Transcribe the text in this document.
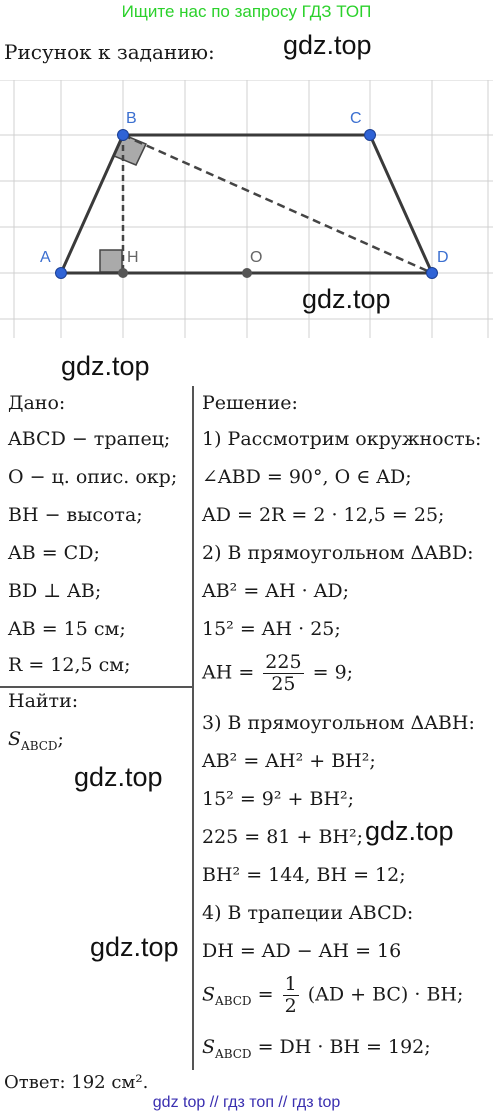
Ищите нас по запросу ГДЗ ТОП
Рисунок к заданию:	gdz.top
A
B	C
D
H	O
gdz.top
gdz.top
Дано:
ABCD − трапец;
O − ц. опис. окр;
BH − высота;
AB = CD;
BD ⊥ AB;
AB = 15 см;
R = 12,5 см;
Найти:
$S_{ABCD}$;
gdz.top
gdz.top
gdz.top
Решение:
1) Рассмотрим окружность:
∠ABD = 90°, O ∈ AD;
AD = 2R = 2 · 12,5 = 25;
2) В прямоугольном ΔABD:
AB² = AH · AD;
15² = AH · 25;
AH = $\frac{225}{25} = 9$;
3) В прямоугольном ΔABH:
AB² = AH² + BH²;
15² = 9² + BH²;
225 = 81 + BH²;
BH² = 144, BH = 12;
4) В трапеции ABCD:
DH = AD − AH = 16
$S_{ABCD} = \frac{1}{2} (AD + BC)$ · BH;
$S_{ABCD}$ = DH · BH = 192;
Ответ: 192 см².
gdz top // гдз топ // гдз top
